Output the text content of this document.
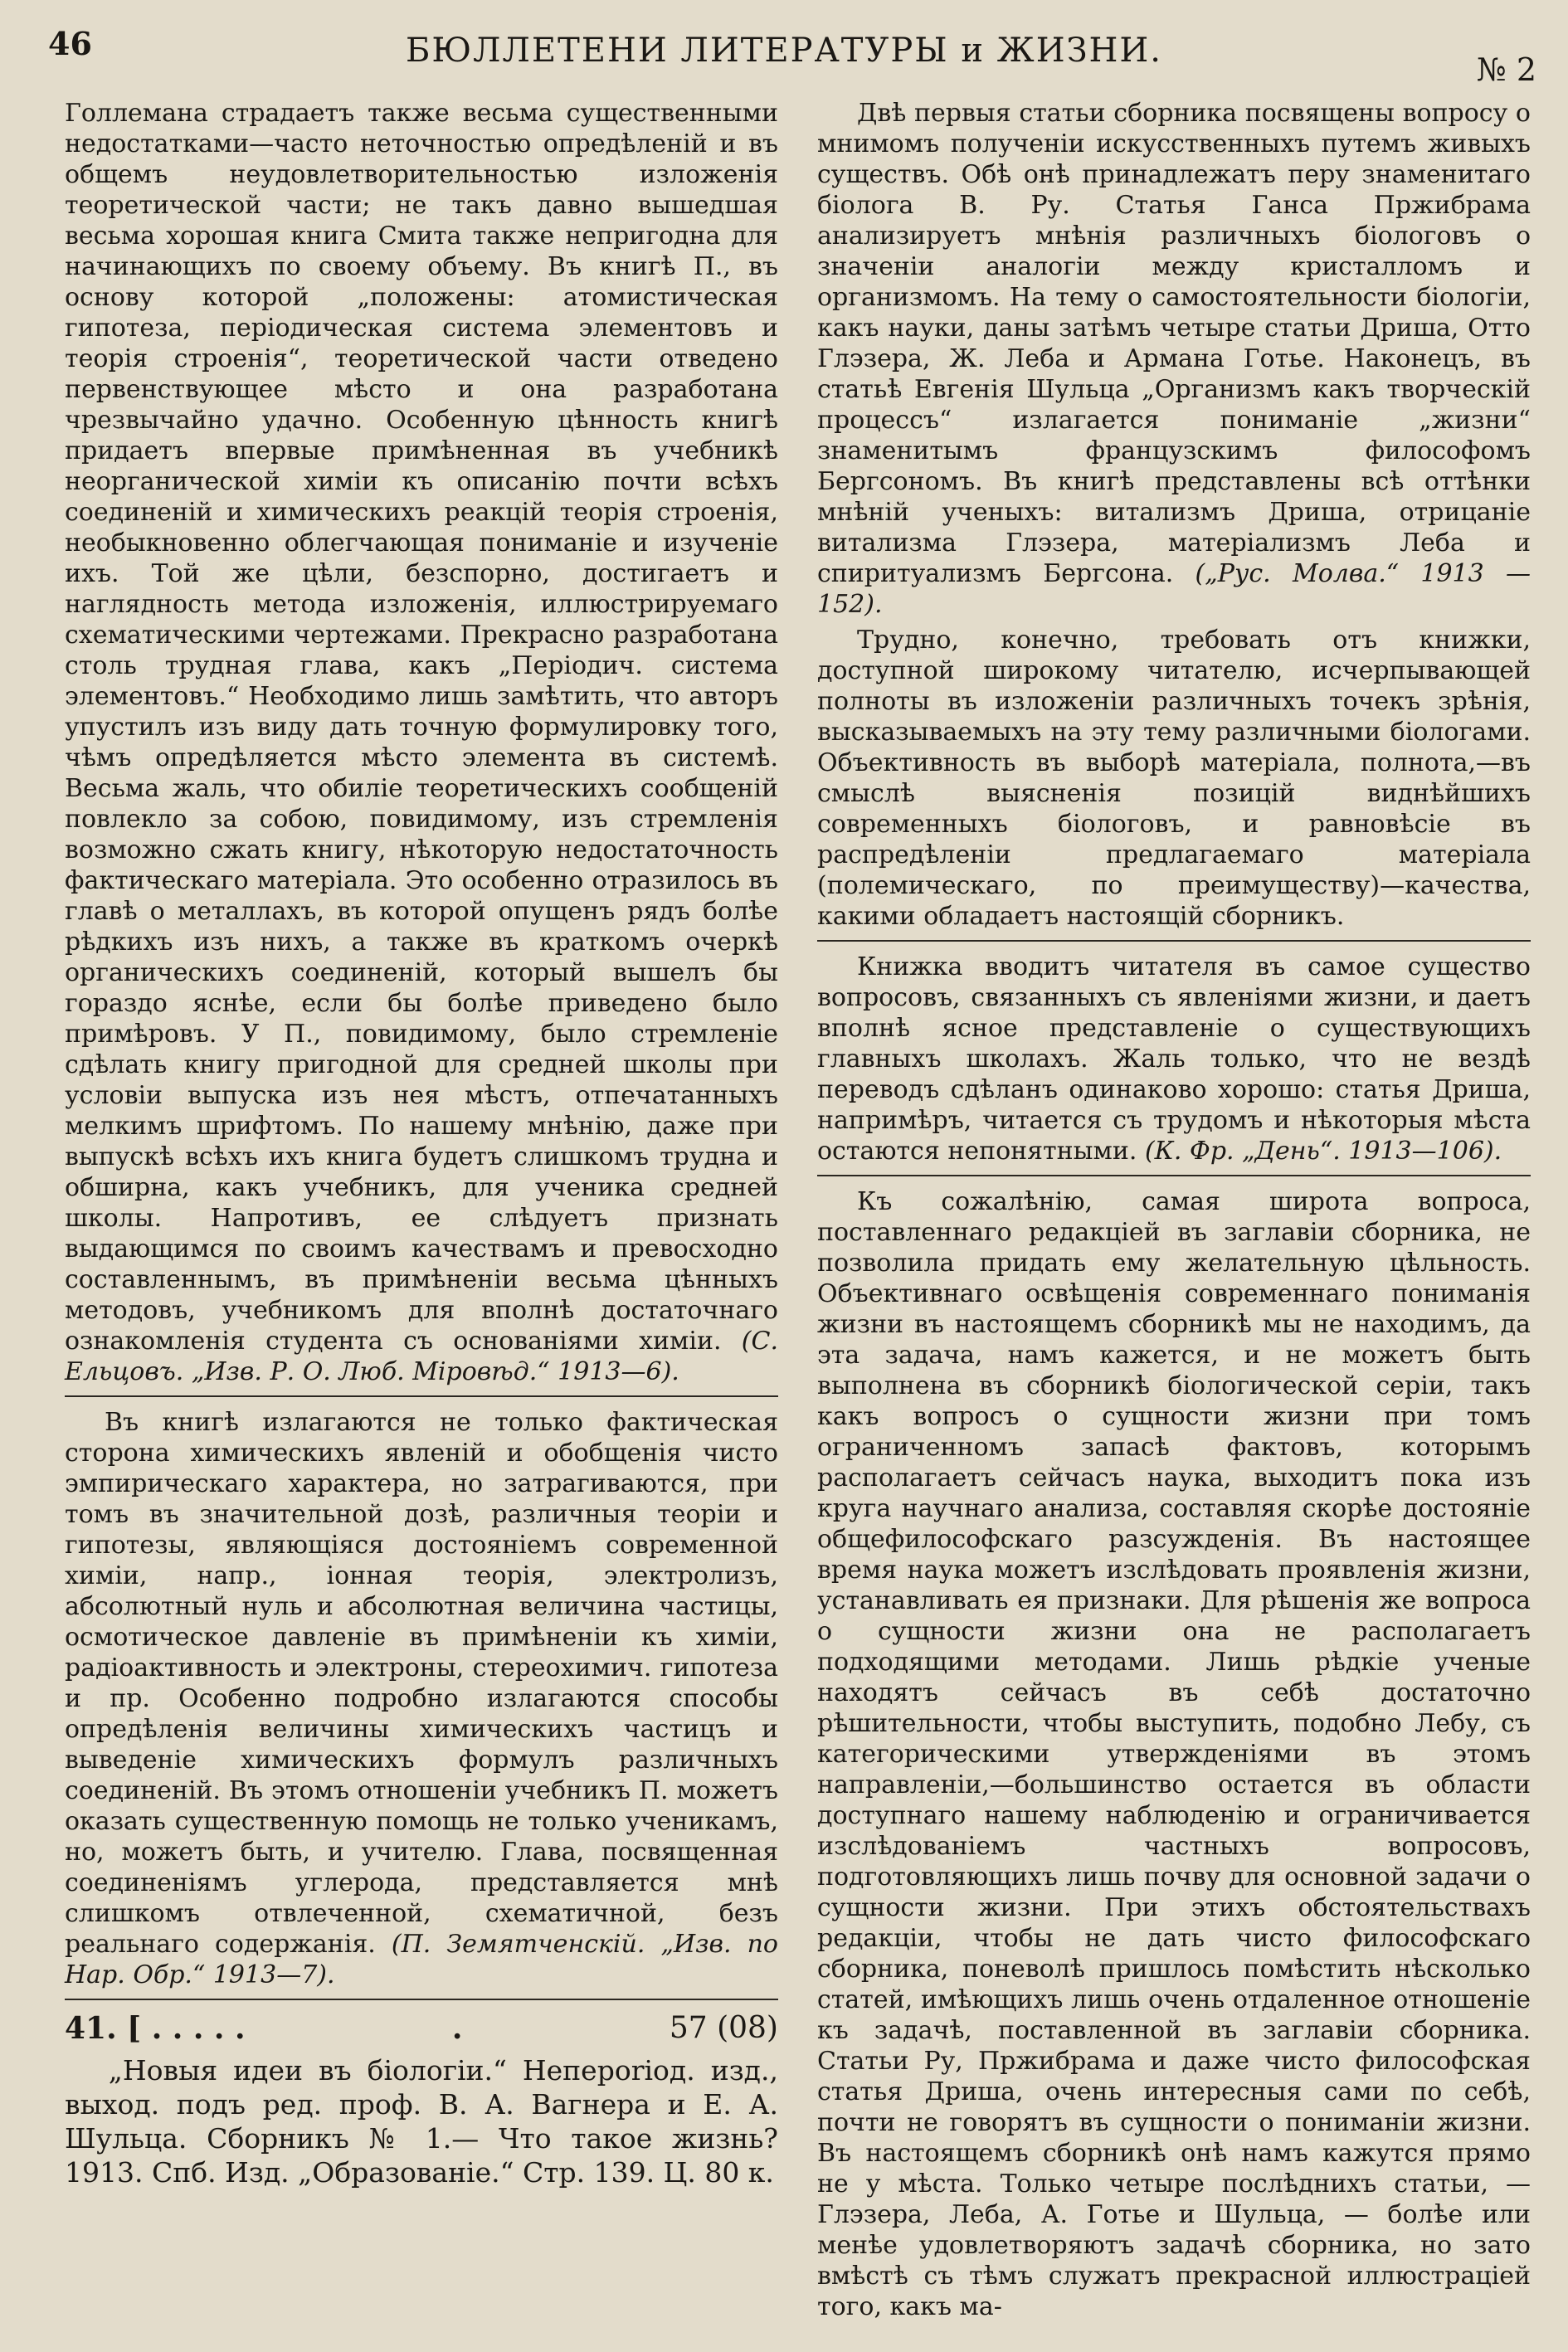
46	БЮЛЛЕТЕНИ ЛИТЕРАТУРЫ и ЖИЗНИ.	№ 2

Голлемана страдаетъ также весьма существенными недостатками—часто неточностью опредѣленій и въ общемъ неудовлетворительностью изложенія теоретической части; не такъ давно вышедшая весьма хорошая книга Смита также непригодна для начинающихъ по своему объему. Въ книгѣ П., въ основу которой „положены: атомистическая гипотеза, періодическая система элементовъ и теорія строенія“, теоретической части отведено первенствующее мѣсто и она разработана чрезвычайно удачно. Особенную цѣнность книгѣ придаетъ впервые примѣненная въ учебникѣ неорганической химіи къ описанію почти всѣхъ соединеній и химическихъ реакцій теорія строенія, необыкновенно облегчающая пониманіе и изученіе ихъ. Той же цѣли, безспорно, достигаетъ и наглядность метода изложенія, иллюстрируемаго схематическими чертежами. Прекрасно разработана столь трудная глава, какъ „Періодич. система элементовъ.“ Необходимо лишь замѣтить, что авторъ упустилъ изъ виду дать точную формулировку того, чѣмъ опредѣляется мѣсто элемента въ системѣ. Весьма жаль, что обиліе теоретическихъ сообщеній повлекло за собою, повидимому, изъ стремленія возможно сжать книгу, нѣкоторую недостаточность фактическаго матеріала. Это особенно отразилось въ главѣ о металлахъ, въ которой опущенъ рядъ болѣе рѣдкихъ изъ нихъ, а также въ краткомъ очеркѣ органическихъ соединеній, который вышелъ бы гораздо яснѣе, если бы болѣе приведено было примѣровъ. У П., повидимому, было стремленіе сдѣлать книгу пригодной для средней школы при условіи выпуска изъ нея мѣстъ, отпечатанныхъ мелкимъ шрифтомъ. По нашему мнѣнію, даже при выпускѣ всѣхъ ихъ книга будетъ слишкомъ трудна и обширна, какъ учебникъ, для ученика средней школы. Напротивъ, ее слѣдуетъ признать выдающимся по своимъ качествамъ и превосходно составленнымъ, въ примѣненіи весьма цѣнныхъ методовъ, учебникомъ для вполнѣ достаточнаго ознакомленія студента съ основаніями химіи. (С. Ельцовъ. „Изв. Р. О. Люб. Міровѣд.“ 1913—6).

Въ книгѣ излагаются не только фактическая сторона химическихъ явленій и обобщенія чисто эмпирическаго характера, но затрагиваются, при томъ въ значительной дозѣ, различныя теоріи и гипотезы, являющіяся достояніемъ современной химіи, напр., іонная теорія, электролизъ, абсолютный нуль и абсолютная величина частицы, осмотическое давленіе въ примѣненіи къ химіи, радіоактивность и электроны, стереохимич. гипотеза и пр. Особенно подробно излагаются способы опредѣленія величины химическихъ частицъ и выведеніе химическихъ формулъ различныхъ соединеній. Въ этомъ отношеніи учебникъ П. можетъ оказать существенную помощь не только ученикамъ, но, можетъ быть, и учителю. Глава, посвященная соединеніямъ углерода, представляется мнѣ слишкомъ отвлеченной, схематичной, безъ реальнаго содержанія. (П. Земятченскій. „Изв. по Нар. Обр.“ 1913—7).

41. [ . . . . .	.	57 (08)

„Новыя идеи въ біологіи.“ Непеporiод. изд., выход. подъ ред. проф. В. А. Вагнера и Е. А. Шульца. Сборникъ № 1.— Что такое жизнь? 1913. Спб. Изд. „Образованіе.“ Стр. 139. Ц. 80 к.

Двѣ первыя статьи сборника посвящены вопросу о мнимомъ полученіи искусственныхъ путемъ живыхъ существъ. Обѣ онѣ принадлежатъ перу знаменитаго біолога В. Ру. Статья Ганса Пржибрама анализируетъ мнѣнія различныхъ біологовъ о значеніи аналогіи между кристалломъ и организмомъ. На тему о самостоятельности біологіи, какъ науки, даны затѣмъ четыре статьи Дриша, Отто Глэзера, Ж. Леба и Армана Готье. Наконецъ, въ статьѣ Евгенія Шульца „Организмъ какъ творческій процессъ“ излагается пониманіе „жизни“ знаменитымъ французскимъ философомъ Бергсономъ. Въ книгѣ представлены всѣ оттѣнки мнѣній ученыхъ: витализмъ Дриша, отрицаніе витализма Глэзера, матеріализмъ Леба и спиритуализмъ Бергсона. („Рус. Молва.“ 1913 — 152).

Трудно, конечно, требовать отъ книжки, доступной широкому читателю, исчерпывающей полноты въ изложеніи различныхъ точекъ зрѣнія, высказываемыхъ на эту тему различными біологами. Объективность въ выборѣ матеріала, полнота,—въ смыслѣ выясненія позицій виднѣйшихъ современныхъ біологовъ, и равновѣсіе въ распредѣленіи предлагаемаго матеріала (полемическаго, по преимуществу)—качества, какими обладаетъ настоящій сборникъ.

Книжка вводитъ читателя въ самое существо вопросовъ, связанныхъ съ явленіями жизни, и даетъ вполнѣ ясное представленіе о существующихъ главныхъ школахъ. Жаль только, что не вездѣ переводъ сдѣланъ одинаково хорошо: статья Дриша, напримѣръ, читается съ трудомъ и нѣкоторыя мѣста остаются непонятными. (К. Фр. „День“. 1913—106).

Къ сожалѣнію, самая широта вопроса, поставленнаго редакціей въ заглавіи сборника, не позволила придать ему желательную цѣльность. Объективнаго освѣщенія современнаго пониманія жизни въ настоящемъ сборникѣ мы не находимъ, да эта задача, намъ кажется, и не можетъ быть выполнена въ сборникѣ біологической серіи, такъ какъ вопросъ о сущности жизни при томъ ограниченномъ запасѣ фактовъ, которымъ располагаетъ сейчасъ наука, выходитъ пока изъ круга научнаго анализа, составляя скорѣе достояніе общефилософскаго разсужденія. Въ настоящее время наука можетъ изслѣдовать проявленія жизни, устанавливать ея признаки. Для рѣшенія же вопроса о сущности жизни она не располагаетъ подходящими методами. Лишь рѣдкіе ученые находятъ сейчасъ въ себѣ достаточно рѣшительности, чтобы выступить, подобно Лебу, съ категорическими утвержденіями въ этомъ направленіи,—большинство остается въ области доступнаго нашему наблюденію и ограничивается изслѣдованіемъ частныхъ вопросовъ, подготовляющихъ лишь почву для основной задачи о сущности жизни. При этихъ обстоятельствахъ редакціи, чтобы не дать чисто философскаго сборника, поневолѣ пришлось помѣстить нѣсколько статей, имѣющихъ лишь очень отдаленное отношеніе къ задачѣ, поставленной въ заглавіи сборника. Статьи Ру, Пржибрама и даже чисто философская статья Дриша, очень интересныя сами по себѣ, почти не говорятъ въ сущности о пониманіи жизни. Въ настоящемъ сборникѣ онѣ намъ кажутся прямо не у мѣста. Только четыре послѣднихъ статьи, — Глэзера, Леба, А. Готье и Шульца, — болѣе или менѣе удовлетворяютъ задачѣ сборника, но зато вмѣстѣ съ тѣмъ служатъ прекрасной иллюстраціей того, какъ ма-
